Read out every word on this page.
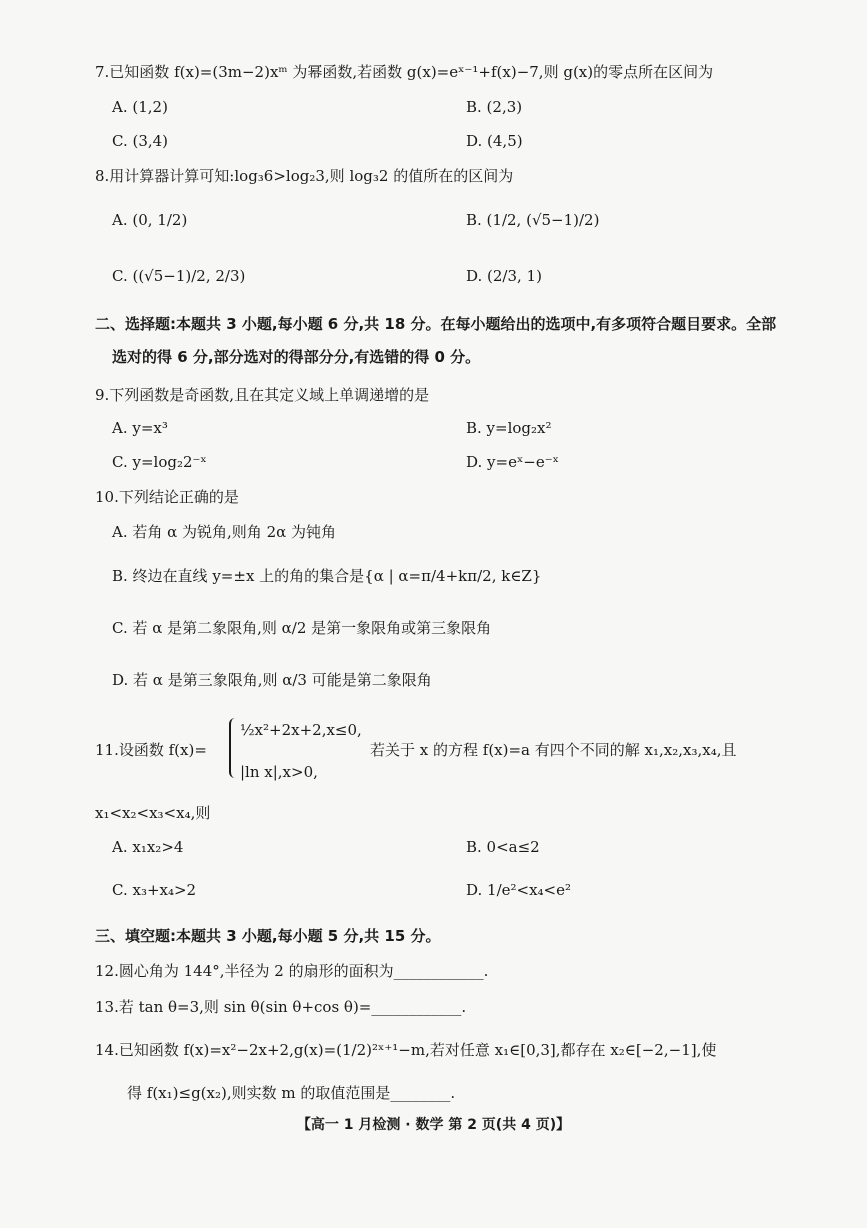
7.已知函数 f(x)=(3m−2)xᵐ 为幂函数,若函数 g(x)=eˣ⁻¹+f(x)−7,则 g(x)的零点所在区间为
A. (1,2)	B. (2,3)
C. (3,4)	D. (4,5)
8.用计算器计算可知:log₃6>log₂3,则 log₃2 的值所在的区间为
A. (0, 1/2)	B. (1/2, (√5−1)/2)
C. ((√5−1)/2, 2/3)	D. (2/3, 1)
二、选择题:本题共 3 小题,每小题 6 分,共 18 分。在每小题给出的选项中,有多项符合题目要求。全部
选对的得 6 分,部分选对的得部分分,有选错的得 0 分。
9.下列函数是奇函数,且在其定义域上单调递增的是
A. y=x³	B. y=log₂x²
C. y=log₂2⁻ˣ	D. y=eˣ−e⁻ˣ
10.下列结论正确的是
A. 若角 α 为锐角,则角 2α 为钝角
B. 终边在直线 y=±x 上的角的集合是{α | α=π/4+kπ/2, k∈Z}
C. 若 α 是第二象限角,则 α/2 是第一象限角或第三象限角
D. 若 α 是第三象限角,则 α/3 可能是第二象限角
11.设函数 f(x)=
½x²+2x+2,x≤0,
|ln x|,x>0,
若关于 x 的方程 f(x)=a 有四个不同的解 x₁,x₂,x₃,x₄,且
x₁<x₂<x₃<x₄,则
A. x₁x₂>4	B. 0<a≤2
C. x₃+x₄>2	D. 1/e²<x₄<e²
三、填空题:本题共 3 小题,每小题 5 分,共 15 分。
12.圆心角为 144°,半径为 2 的扇形的面积为____________.
13.若 tan θ=3,则 sin θ(sin θ+cos θ)=____________.
14.已知函数 f(x)=x²−2x+2,g(x)=(1/2)²ˣ⁺¹−m,若对任意 x₁∈[0,3],都存在 x₂∈[−2,−1],使
得 f(x₁)≤g(x₂),则实数 m 的取值范围是________.
【高一 1 月检测 · 数学 第 2 页(共 4 页)】
